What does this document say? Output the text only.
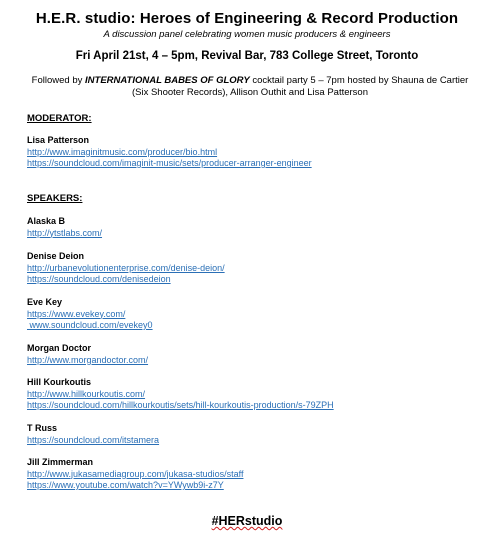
H.E.R. studio: Heroes of Engineering & Record Production
A discussion panel celebrating women music producers & engineers
Fri April 21st, 4 – 5pm, Revival Bar, 783 College Street, Toronto
Followed by INTERNATIONAL BABES OF GLORY cocktail party 5 – 7pm hosted by Shauna de Cartier (Six Shooter Records), Allison Outhit and Lisa Patterson
MODERATOR:
Lisa Patterson
http://www.imaginitmusic.com/producer/bio.html
https://soundcloud.com/imaginit-music/sets/producer-arranger-engineer
SPEAKERS:
Alaska B
http://ytstlabs.com/
Denise Deion
http://urbanevolutionenterprise.com/denise-deion/
https://soundcloud.com/denisedeion
Eve Key
https://www.evekey.com/
www.soundcloud.com/evekey0
Morgan Doctor
http://www.morgandoctor.com/
Hill Kourkoutis
http://www.hillkourkoutis.com/
https://soundcloud.com/hillkourkoutis/sets/hill-kourkoutis-production/s-79ZPH
T Russ
https://soundcloud.com/itstamera
Jill Zimmerman
http://www.jukasamediagroup.com/jukasa-studios/staff
https://www.youtube.com/watch?v=YWywb9i-z7Y
#HERstudio
